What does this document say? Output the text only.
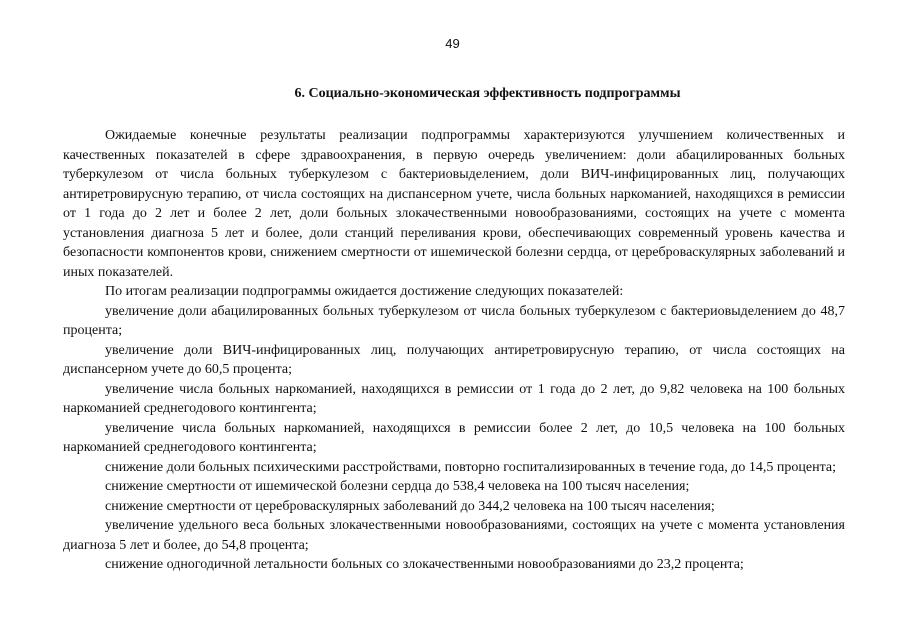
49
6. Социально-экономическая эффективность подпрограммы

Ожидаемые конечные результаты реализации подпрограммы характеризуются улучшением количественных и качественных показателей в сфере здравоохранения, в первую очередь увеличением: доли абацилированных больных туберкулезом от числа больных туберкулезом с бактериовыделением, доли ВИЧ-инфицированных лиц, получающих антиретровирусную терапию, от числа состоящих на диспансерном учете, числа больных наркоманией, находящихся в ремиссии от 1 года до 2 лет и более 2 лет, доли больных злокачественными новообразованиями, состоящих на учете с момента установления диагноза 5 лет и более, доли станций переливания крови, обеспечивающих современный уровень качества и безопасности компонентов крови, снижением смертности от ишемической болезни сердца, от цереброваскулярных заболеваний и иных показателей.

По итогам реализации подпрограммы ожидается достижение следующих показателей:

увеличение доли абацилированных больных туберкулезом от числа больных туберкулезом с бактериовыделением до 48,7 процента;

увеличение доли ВИЧ-инфицированных лиц, получающих антиретровирусную терапию, от числа состоящих на диспансерном учете до 60,5 процента;

увеличение числа больных наркоманией, находящихся в ремиссии от 1 года до 2 лет, до 9,82 человека на 100 больных наркоманией среднегодового контингента;

увеличение числа больных наркоманией, находящихся в ремиссии более 2 лет, до 10,5 человека на 100 больных наркоманией среднегодового контингента;

снижение доли больных психическими расстройствами, повторно госпитализированных в течение года, до 14,5 процента;

снижение смертности от ишемической болезни сердца до 538,4 человека на 100 тысяч населения;

снижение смертности от цереброваскулярных заболеваний до 344,2 человека на 100 тысяч населения;

увеличение удельного веса больных злокачественными новообразованиями, состоящих на учете с момента установления диагноза 5 лет и более, до 54,8 процента;

снижение одногодичной летальности больных со злокачественными новообразованиями до 23,2 процента;
